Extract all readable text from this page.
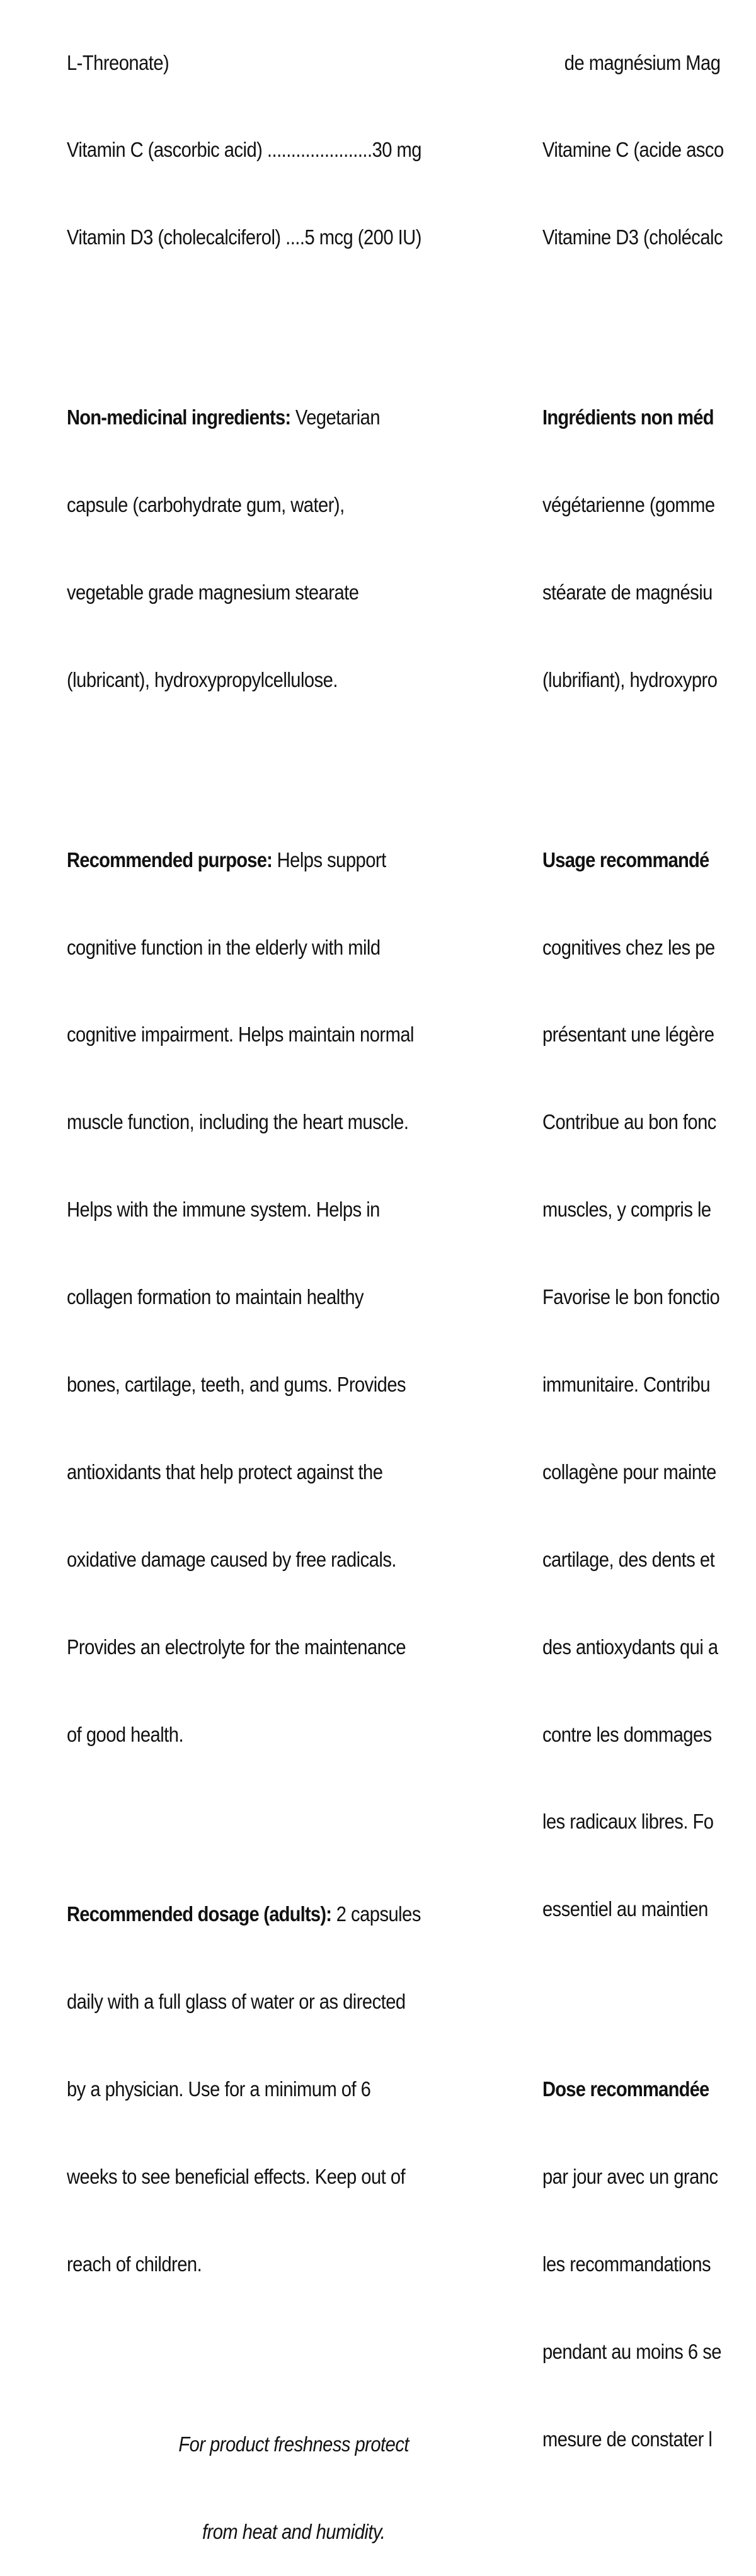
L-Threonate)

Vitamin C (ascorbic acid) ......................30 mg

Vitamin D3 (cholecalciferol) ....5 mcg (200 IU)

Non-medicinal ingredients: Vegetarian

capsule (carbohydrate gum, water),

vegetable grade magnesium stearate

(lubricant), hydroxypropylcellulose.

Recommended purpose: Helps support

cognitive function in the elderly with mild

cognitive impairment. Helps maintain normal

muscle function, including the heart muscle.

Helps with the immune system. Helps in

collagen formation to maintain healthy

bones, cartilage, teeth, and gums. Provides

antioxidants that help protect against the

oxidative damage caused by free radicals.

Provides an electrolyte for the maintenance

of good health.

Recommended dosage (adults): 2 capsules

daily with a full glass of water or as directed

by a physician. Use for a minimum of 6

weeks to see beneficial effects. Keep out of

reach of children.

For product freshness protect

from heat and humidity.

de magnésium Mag

Vitamine C (acide asco

Vitamine D3 (cholécalc

Ingrédients non méd

végétarienne (gomme

stéarate de magnésiu

(lubrifiant), hydroxypro

Usage recommandé

cognitives chez les pe

présentant une légère

Contribue au bon fonc

muscles, y compris le

Favorise le bon fonctio

immunitaire. Contribu

collagène pour mainte

cartilage, des dents et

des antioxydants qui a

contre les dommages

les radicaux libres. Fo

essentiel au maintien

Dose recommandée

par jour avec un granc

les recommandations

pendant au moins 6 se

mesure de constater l
